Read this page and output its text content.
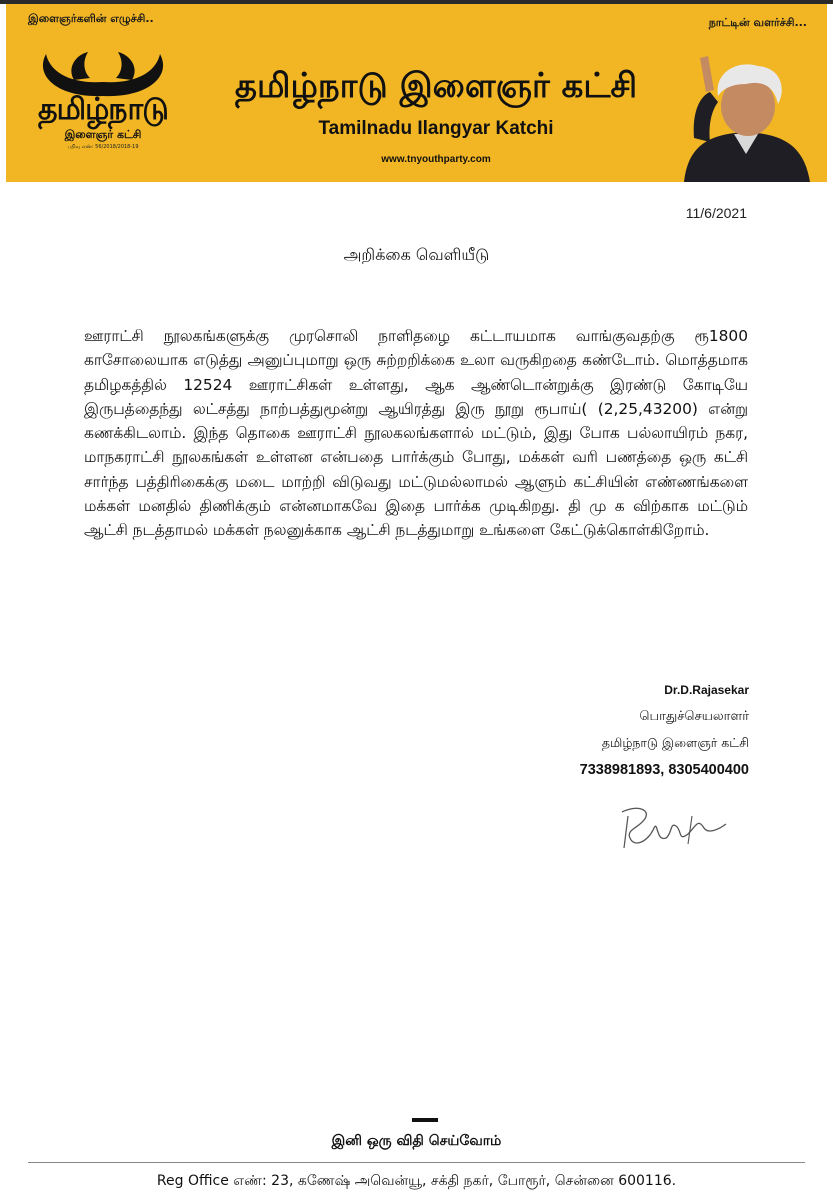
இளைஞர்களின் எழுச்சி..	நாட்டின் வளர்ச்சி...
தமிழ்நாடு
இளைஞர் கட்சி
பதிவு எண்: 56/2018/2018-19
தமிழ்நாடு இளைஞர் கட்சி
Tamilnadu Ilangyar Katchi
www.tnyouthparty.com
11/6/2021
அறிக்கை வெளியீடு
ஊராட்சி நூலகங்களுக்கு முரசொலி நாளிதழை கட்டாயமாக வாங்குவதற்கு ரூ1800 காசோலையாக எடுத்து அனுப்புமாறு ஒரு சுற்றறிக்கை உலா வருகிறதை கண்டோம். மொத்தமாக தமிழகத்தில் 12524 ஊராட்சிகள் உள்ளது, ஆக ஆண்டொன்றுக்கு இரண்டு கோடியே இருபத்தைந்து லட்சத்து நாற்பத்துமூன்று ஆயிரத்து இரு நூறு ரூபாய்( (2,25,43200) என்று கணக்கிடலாம். இந்த தொகை ஊராட்சி நூலகலங்களால் மட்டும், இது போக பல்லாயிரம் நகர, மாநகராட்சி நூலகங்கள் உள்ளன என்பதை பார்க்கும் போது, மக்கள் வரி பணத்தை ஒரு கட்சி சார்ந்த பத்திரிகைக்கு மடை மாற்றி விடுவது மட்டுமல்லாமல் ஆளும் கட்சியின் எண்ணங்களை மக்கள் மனதில் திணிக்கும் என்னமாகவே இதை பார்க்க முடிகிறது. தி மு க விற்காக மட்டும் ஆட்சி நடத்தாமல் மக்கள் நலனுக்காக ஆட்சி நடத்துமாறு உங்களை கேட்டுக்கொள்கிறோம்.
Dr.D.Rajasekar
பொதுச்செயலாளர்
தமிழ்நாடு இளைஞர் கட்சி
7338981893, 8305400400
இனி ஒரு விதி செய்வோம்
Reg Office எண்: 23, கணேஷ் அவென்யூ, சக்தி நகர், போரூர், சென்னை 600116.
